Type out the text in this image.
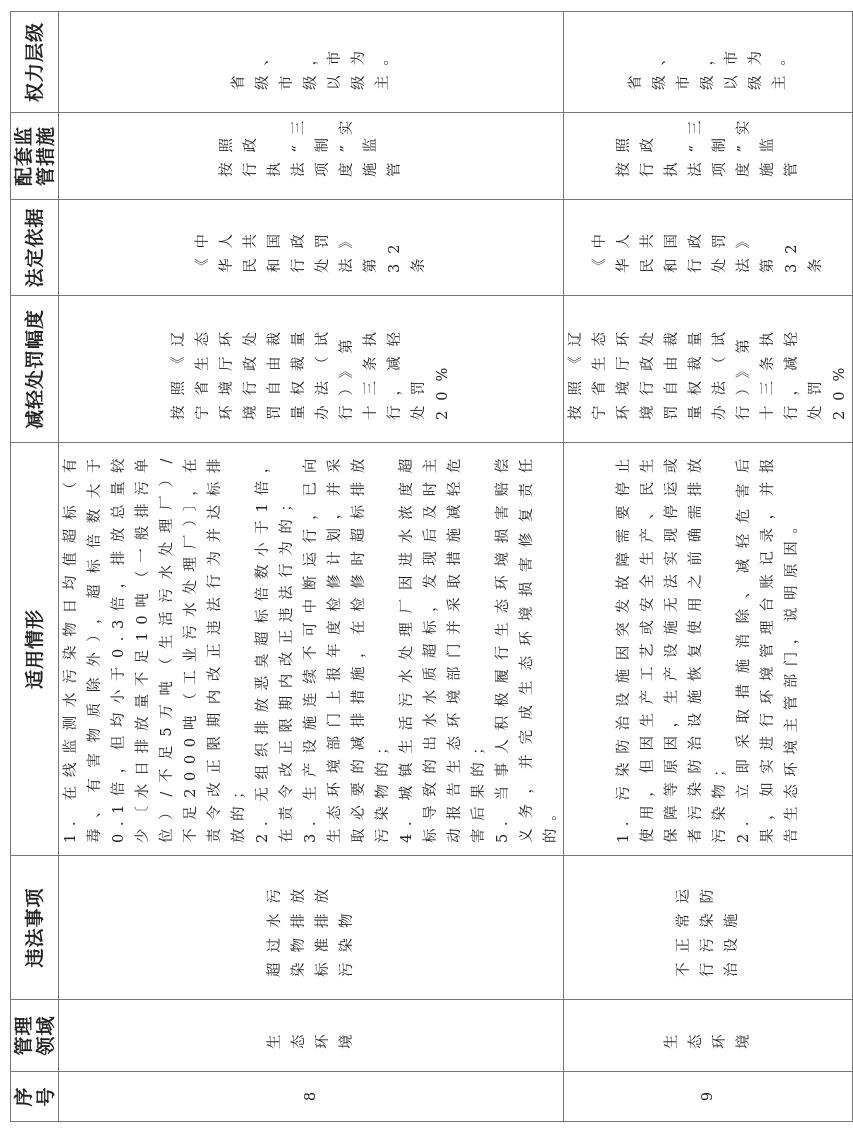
序号	管理领域	违法事项	适用情形	减轻处罚幅度	法定依据	配套监管措施	权力层级
8	生态环境	超过水污染物排放标准排放污染物	1. 在线监测水污染物日均值超标（有毒、有害物质除外），超标倍数大于0.1倍，但均小于0.3倍，排放总量较少〔水日排放量不足10吨（一般排污单位）/不足5万吨（生活污水处理厂）/不足2000吨（工业污水处理厂）〕，在责令改正限期内改正违法行为并达标排放的； 2. 无组织排放恶臭超标倍数小于1倍，在责令改正限期内改正违法行为的； 3. 生产设施连续不可中断运行，已向生态环境部门上报年度检修计划，并采取必要的减排措施，在检修时超标排放污染物的； 4. 城镇生活污水处理厂因进水浓度超标导致的出水水质超标，发现后及时主动报告生态环境部门并采取措施减轻危害后果的； 5. 当事人积极履行生态环境损害赔偿义务，并完成生态环境损害修复责任的。	按照《辽宁省生态环境厅环境行政处罚自由裁量权裁量办法（试行）》第十三条执行，减轻处罚20%	《中华人民共和国行政处罚法》第32条	按照行政执法“三项制度”实施监管	省级、市级，以市级为主。
9	生态环境	不正常运行污染防治设施	1. 污染防治设施因突发故障需要停止使用，但因生产工艺或安全生产、民生保障等原因，生产设施无法实现停运或者污染防治设施恢复使用之前确需排放污染物； 2. 立即采取措施消除、减轻危害后果，如实进行环境管理台账记录，并报告生态环境主管部门，说明原因。	按照《辽宁省生态环境厅环境行政处罚自由裁量权裁量办法（试行）》第十三条执行，减轻处罚20%	《中华人民共和国行政处罚法》第32条	按照行政执法“三项制度”实施监管	省级、市级，以市级为主。
